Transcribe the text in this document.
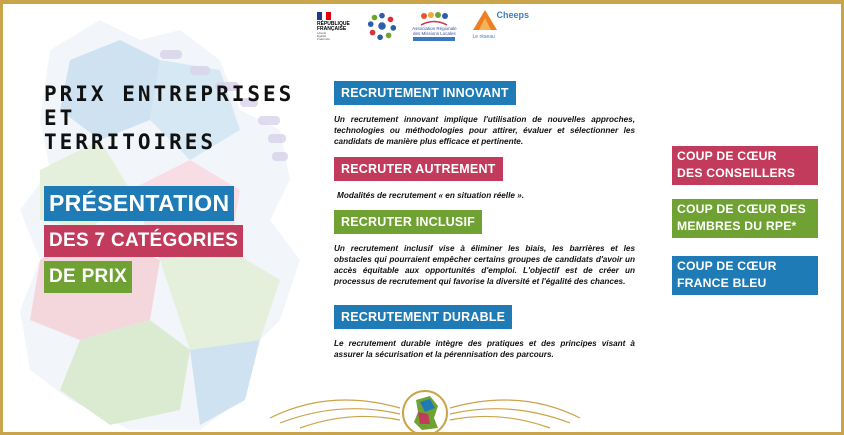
RÉPUBLIQUE
FRANÇAISE
Liberté
Égalité
Fraternité
Association Régionale
des Missions Locales
Cheeps
Le réseau
PRIX ENTREPRISES ET
TERRITOIRES
PRÉSENTATION
DES 7 CATÉGORIES
DE PRIX
RECRUTEMENT INNOVANT
Un recrutement innovant implique l'utilisation de nouvelles approches, technologies ou méthodologies pour attirer, évaluer et sélectionner les candidats de manière plus efficace et pertinente.
RECRUTER AUTREMENT
Modalités de recrutement « en situation réelle ».
RECRUTER INCLUSIF
Un recrutement inclusif vise à éliminer les biais, les barrières et les obstacles qui pourraient empêcher certains groupes de candidats d'avoir un accès équitable aux opportunités d'emploi. L'objectif est de créer un processus de recrutement qui favorise la diversité et l'égalité des chances.
RECRUTEMENT DURABLE
Le recrutement durable intègre des pratiques et des principes visant à assurer la sécurisation et la pérennisation des parcours.
COUP DE CŒUR
DES CONSEILLERS
COUP DE CŒUR DES
MEMBRES DU RPE*
COUP DE CŒUR
FRANCE BLEU
